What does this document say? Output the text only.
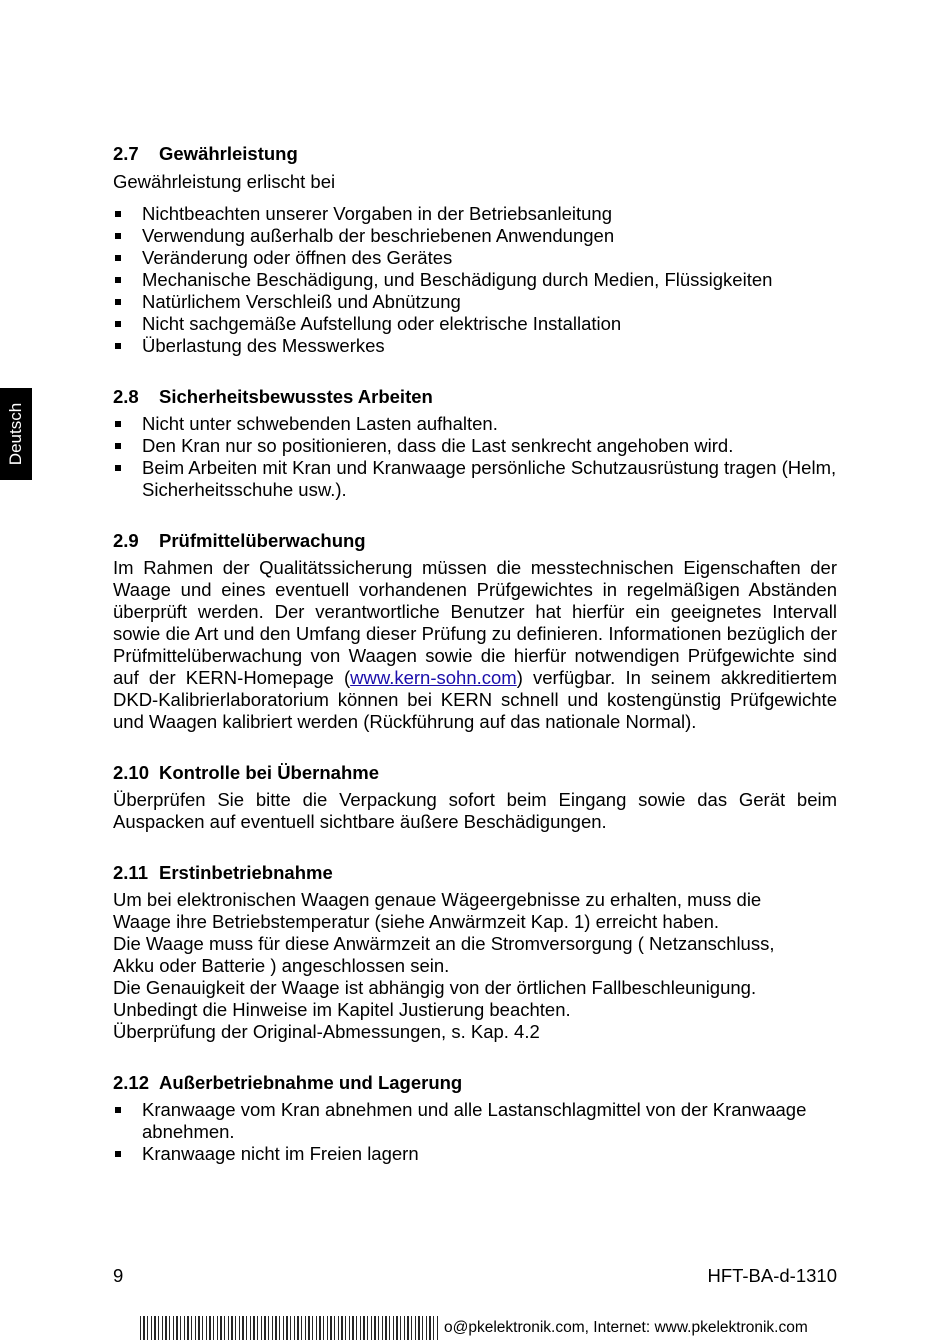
Deutsch
2.7	Gewährleistung

Gewährleistung erlischt bei

Nichtbeachten unserer Vorgaben in der Betriebsanleitung
Verwendung außerhalb der beschriebenen Anwendungen
Veränderung oder öffnen des Gerätes
Mechanische Beschädigung, und Beschädigung durch Medien, Flüssigkeiten
Natürlichem Verschleiß und Abnützung
Nicht sachgemäße Aufstellung oder elektrische Installation
Überlastung des Messwerkes
2.8	Sicherheitsbewusstes Arbeiten
Nicht unter schwebenden Lasten aufhalten.
Den Kran nur so positionieren, dass die Last senkrecht angehoben wird.
Beim Arbeiten mit Kran und Kranwaage persönliche Schutzausrüstung tragen (Helm, Sicherheitsschuhe usw.).
2.9	Prüfmittelüberwachung

Im Rahmen der Qualitätssicherung müssen die messtechnischen Eigenschaften der Waage und eines eventuell vorhandenen Prüfgewichtes in regelmäßigen Abständen überprüft werden. Der verantwortliche Benutzer hat hierfür ein geeignetes Intervall sowie die Art und den Umfang dieser Prüfung zu definieren. Informationen bezüglich der Prüfmittelüberwachung von Waagen sowie die hierfür notwendigen Prüfgewichte sind auf der KERN-Homepage (www.kern-sohn.com) verfügbar. In seinem akkreditiertem DKD-Kalibrierlaboratorium können bei KERN schnell und kostengünstig Prüfgewichte und Waagen kalibriert werden (Rückführung auf das nationale Normal).

2.10 Kontrolle bei Übernahme

Überprüfen Sie bitte die Verpackung sofort beim Eingang sowie das Gerät beim Auspacken auf eventuell sichtbare äußere Beschädigungen.

2.11 Erstinbetriebnahme

Um bei elektronischen Waagen genaue Wägeergebnisse zu erhalten, muss die

Waage ihre Betriebstemperatur (siehe Anwärmzeit Kap. 1) erreicht haben.

Die Waage muss für diese Anwärmzeit an die Stromversorgung ( Netzanschluss,

Akku oder Batterie ) angeschlossen sein.

Die Genauigkeit der Waage ist abhängig von der örtlichen Fallbeschleunigung.

Unbedingt die Hinweise im Kapitel Justierung beachten.

Überprüfung der Original-Abmessungen, s. Kap. 4.2

2.12 Außerbetriebnahme und Lagerung
Kranwaage vom Kran abnehmen und alle Lastanschlagmittel von der Kranwaage abnehmen.
Kranwaage nicht im Freien lagern
9	HFT-BA-d-1310
o@pkelektronik.com, Internet: www.pkelektronik.com
